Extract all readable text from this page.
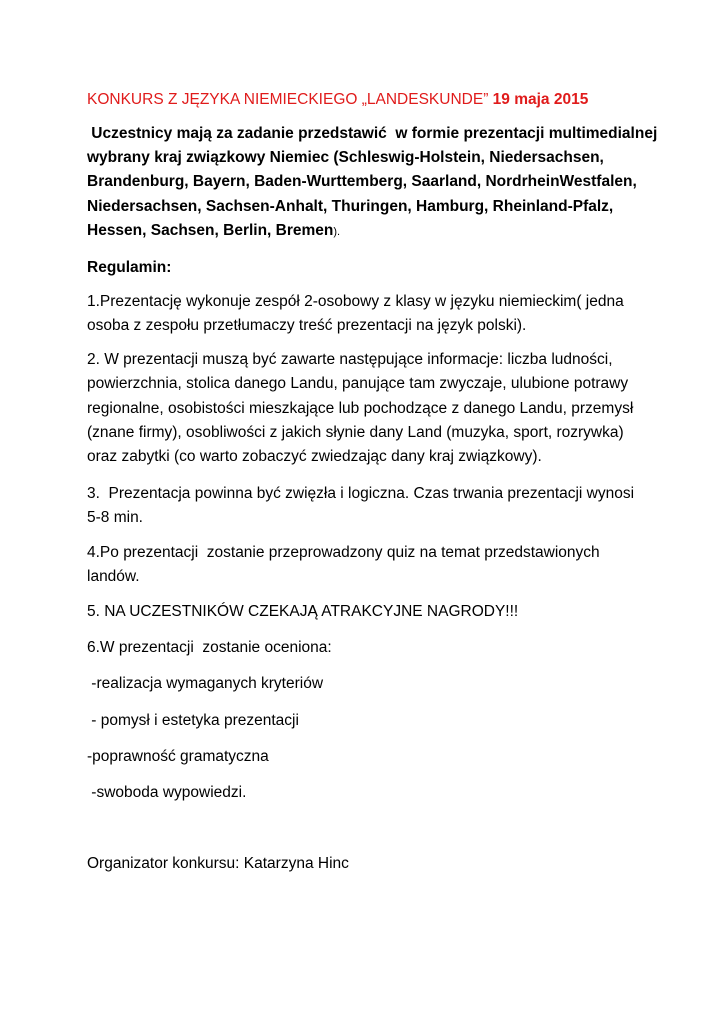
KONKURS Z JĘZYKA NIEMIECKIEGO „LANDESKUNDE” 19 maja 2015
Uczestnicy mają za zadanie przedstawić  w formie prezentacji multimedialnej
wybrany kraj związkowy Niemiec (Schleswig-Holstein, Niedersachsen,
Brandenburg, Bayern, Baden-Wurttemberg, Saarland, NordrheinWestfalen,
Niedersachsen, Sachsen-Anhalt, Thuringen, Hamburg, Rheinland-Pfalz,
Hessen, Sachsen, Berlin, Bremen).
Regulamin:
1.Prezentację wykonuje zespół 2-osobowy z klasy w języku niemieckim( jedna
osoba z zespołu przetłumaczy treść prezentacji na język polski).
2. W prezentacji muszą być zawarte następujące informacje: liczba ludności,
powierzchnia, stolica danego Landu, panujące tam zwyczaje, ulubione potrawy
regionalne, osobistości mieszkające lub pochodzące z danego Landu, przemysł
(znane firmy), osobliwości z jakich słynie dany Land (muzyka, sport, rozrywka)
oraz zabytki (co warto zobaczyć zwiedzając dany kraj związkowy).
3.  Prezentacja powinna być zwięzła i logiczna. Czas trwania prezentacji wynosi
5-8 min.
4.Po prezentacji  zostanie przeprowadzony quiz na temat przedstawionych
landów.
5. NA UCZESTNIKÓW CZEKAJĄ ATRAKCYJNE NAGRODY!!!
6.W prezentacji  zostanie oceniona:
-realizacja wymaganych kryteriów
- pomysł i estetyka prezentacji
-poprawność gramatyczna
-swoboda wypowiedzi.
Organizator konkursu: Katarzyna Hinc
